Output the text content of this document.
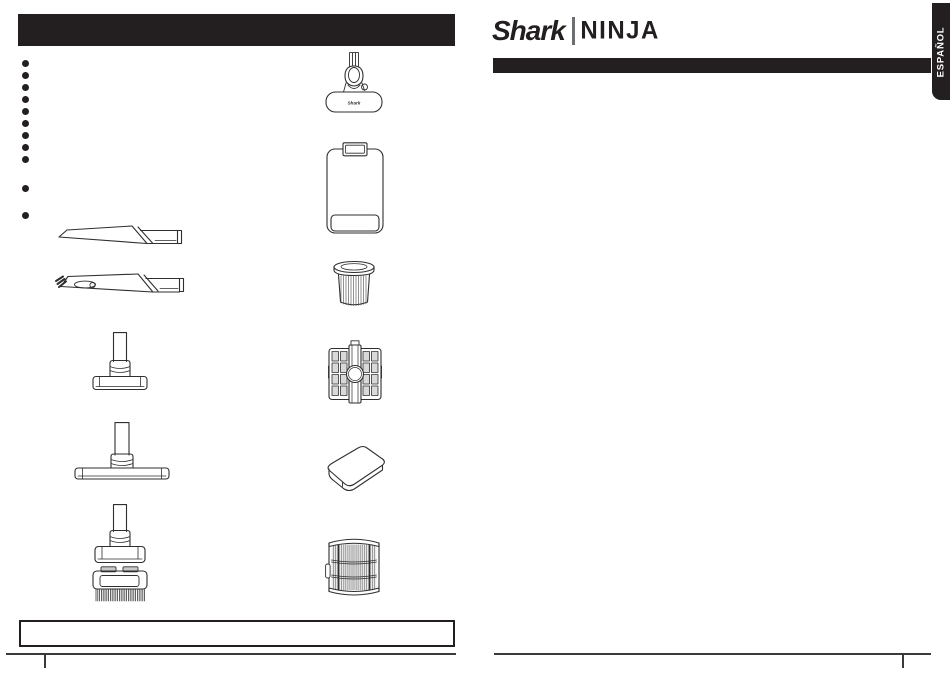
Shark
Shark NINJA	ESPAÑOL
